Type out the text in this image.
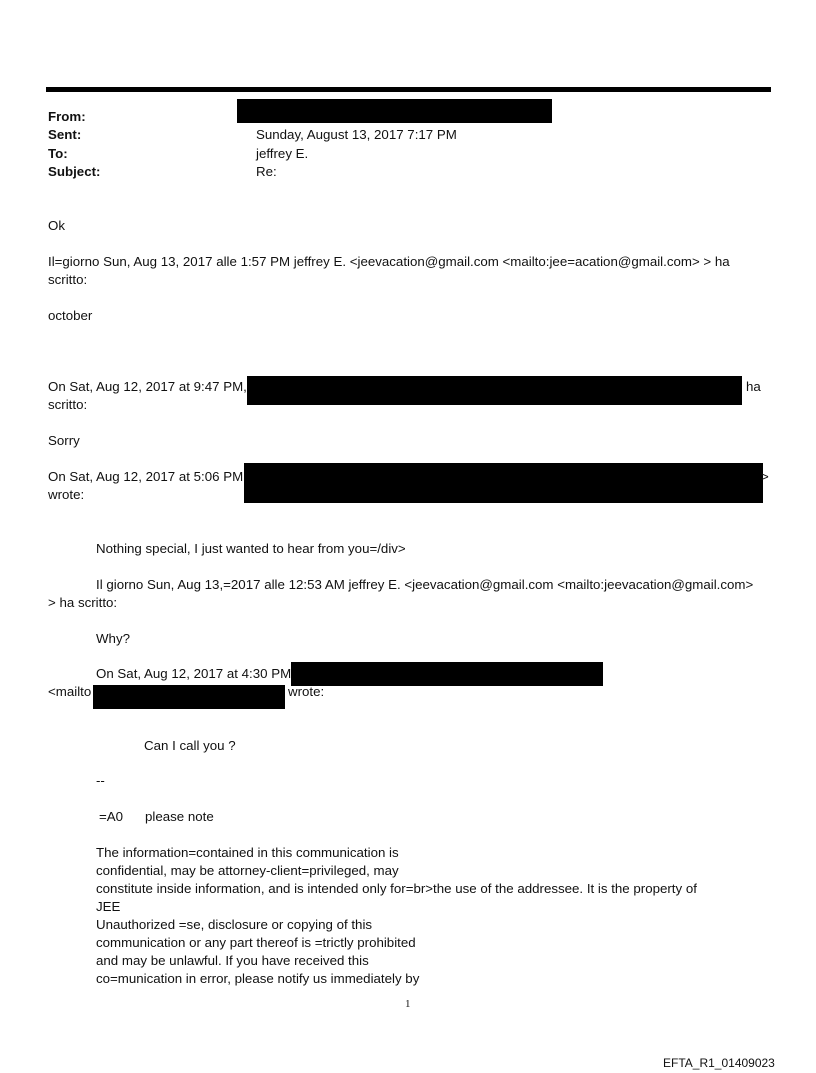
From:
Sent:	Sunday, August 13, 2017 7:17 PM
To:	jeffrey E.
Subject:	Re:
Ok
Il=giorno Sun, Aug 13, 2017 alle 1:57 PM jeffrey E. <jeevacation@gmail.com <mailto:jee=acation@gmail.com> > ha
scritto:
october
On Sat, Aug 12, 2017 at 9:47 PM,	ha
scritto:
Sorry
On Sat, Aug 12, 2017 at 5:06 PM	>
wrote:
Nothing special, I just wanted to hear from you=/div>
Il giorno Sun, Aug 13,=2017 alle 12:53 AM jeffrey E. <jeevacation@gmail.com <mailto:jeevacation@gmail.com>
> ha scritto:
Why?
On Sat, Aug 12, 2017 at 4:30 PM
<mailto	wrote:
Can I call you ?
--
=A0 please note
The information=contained in this communication is
confidential, may be attorney-client=privileged, may
constitute inside information, and is intended only for=br>the use of the addressee. It is the property of
JEE
Unauthorized =se, disclosure or copying of this
communication or any part thereof is =trictly prohibited
and may be unlawful. If you have received this
co=munication in error, please notify us immediately by
1
EFTA_R1_01409023
